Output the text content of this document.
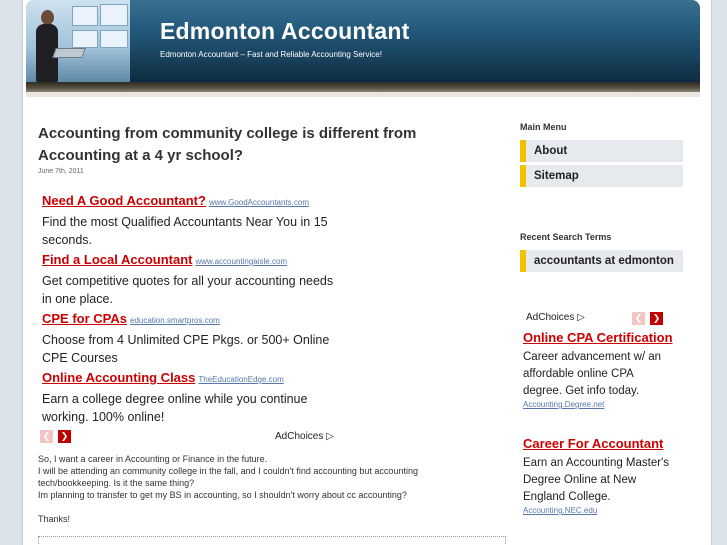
Edmonton Accountant
Edmonton Accountant – Fast and Reliable Accounting Service!
Accounting from community college is different from Accounting at a 4 yr school?
June 7th, 2011
Need A Good Accountant? www.GoodAccountants.com
Find the most Qualified Accountants Near You in 15 seconds.
Find a Local Accountant www.accountingaisle.com
Get competitive quotes for all your accounting needs in one place.
CPE for CPAs education.smartpros.com
Choose from 4 Unlimited CPE Pkgs. or 500+ Online CPE Courses
Online Accounting Class TheEducationEdge.com
Earn a college degree online while you continue working. 100% online!
❮	❯	AdChoices ▷

So, I want a career in Accounting or Finance in the future.

I will be attending an community college in the fall, and I couldn't find accounting but accounting tech/bookkeeping. Is it the same thing?

Im planning to transfer to get my BS in accounting, so I shouldn't worry about cc accounting?

Thanks!
Main Menu
About
Sitemap
Recent Search Terms
accountants at edmonton
AdChoices ▷	❮	❯
Online CPA Certification
Career advancement w/ an affordable online CPA degree. Get info today.
Accounting.Degree.net
Career For Accountant
Earn an Accounting Master's Degree Online at New England College.
Accounting.NEC.edu
